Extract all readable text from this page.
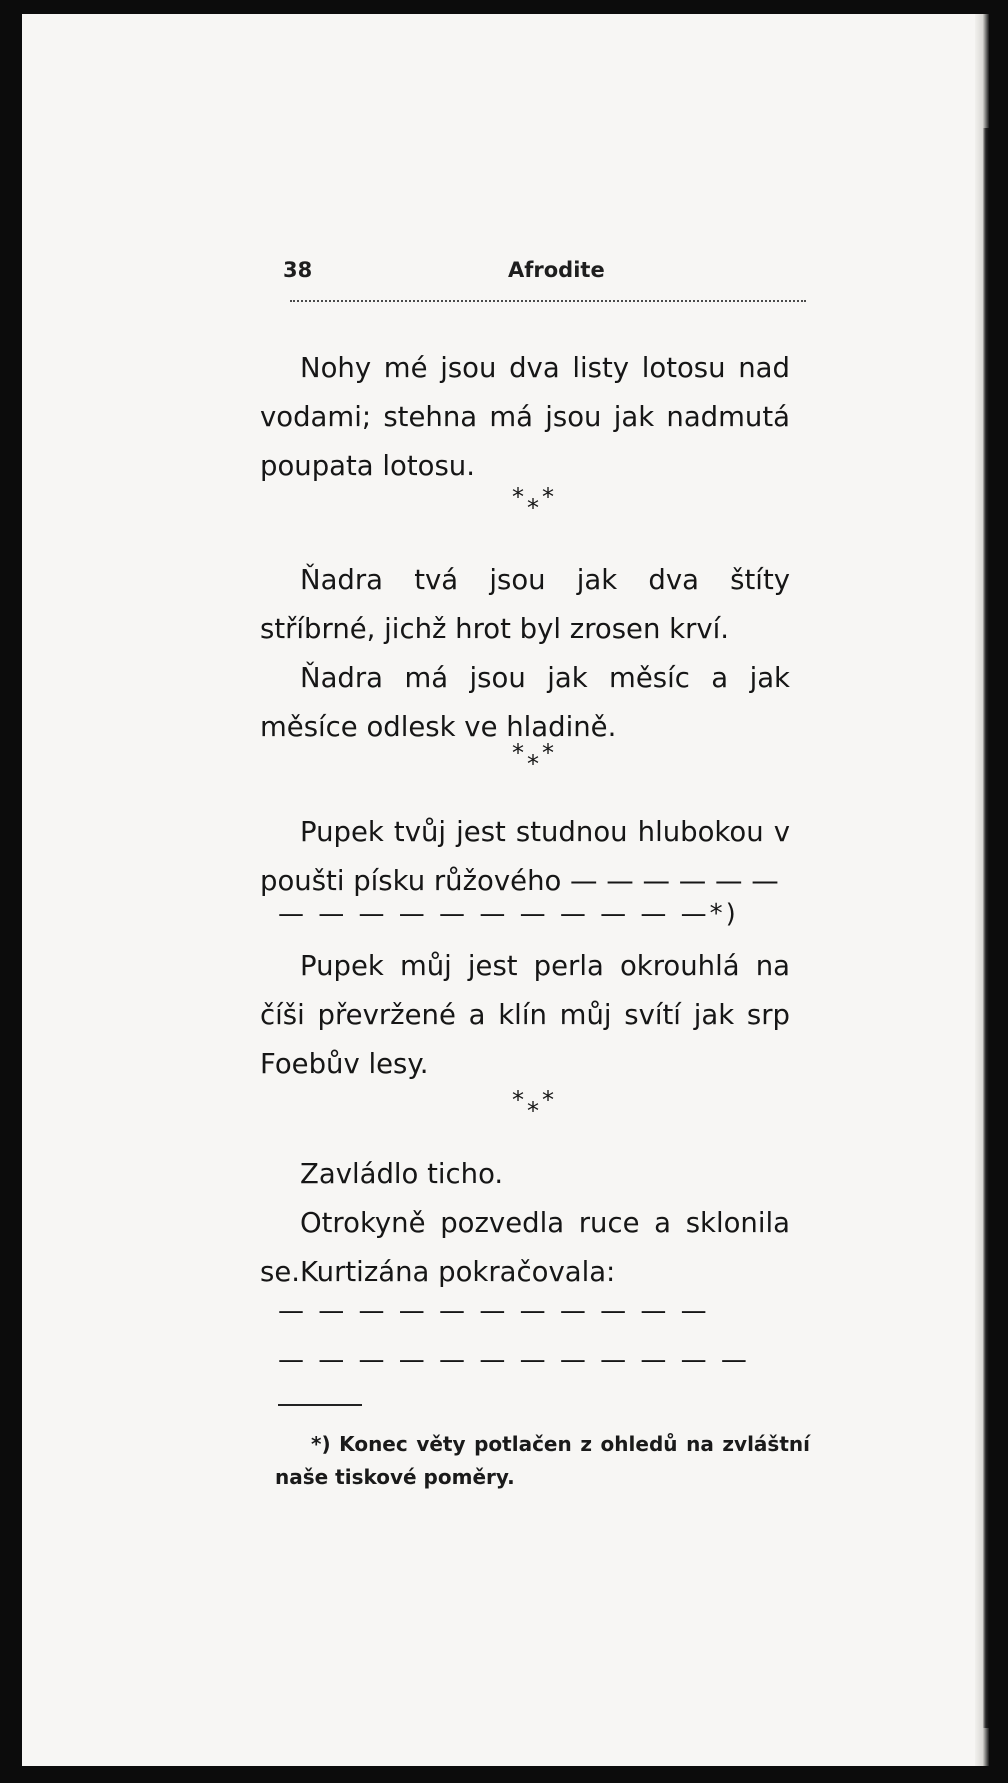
38	Afrodite
Nohy mé jsou dva listy lotosu nad vodami; stehna má jsou jak nadmutá poupata lotosu.
* *
*
Ňadra tvá jsou jak dva štíty stříbrné, jichž hrot byl zrosen krví.
Ňadra má jsou jak měsíc a jak měsíce odlesk ve hladině.
* *
*
Pupek tvůj jest studnou hlubokou v poušti písku růžového — — — — — —
— — — — — — — — — — —*)
Pupek můj jest perla okrouhlá na číši převržené a klín můj svítí jak srp Foebův lesy.
* *
*
Zavládlo ticho.
Otrokyně pozvedla ruce a sklonila se. Kurtizána pokračovala:
— — — — — — — — — — —
— — — — — — — — — — — —
*) Konec věty potlačen z ohledů na zvláštní naše tiskové poměry.
